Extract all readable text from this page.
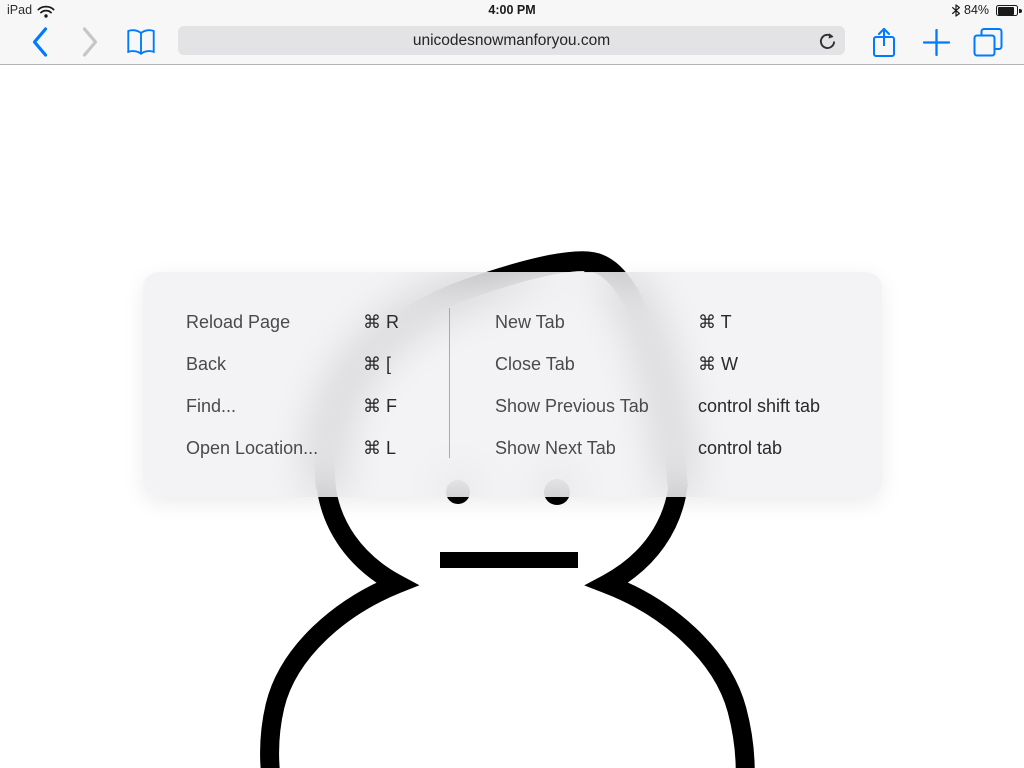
Reload Page	⌘ R
Back	⌘ [
Find...	⌘ F
Open Location... ⌘ L
New Tab	⌘ T
Close Tab	⌘ W
Show Previous Tab	control shift tab
Show Next Tab	control tab
iPad	4:00 PM	84%
unicodesnowmanforyou.com
